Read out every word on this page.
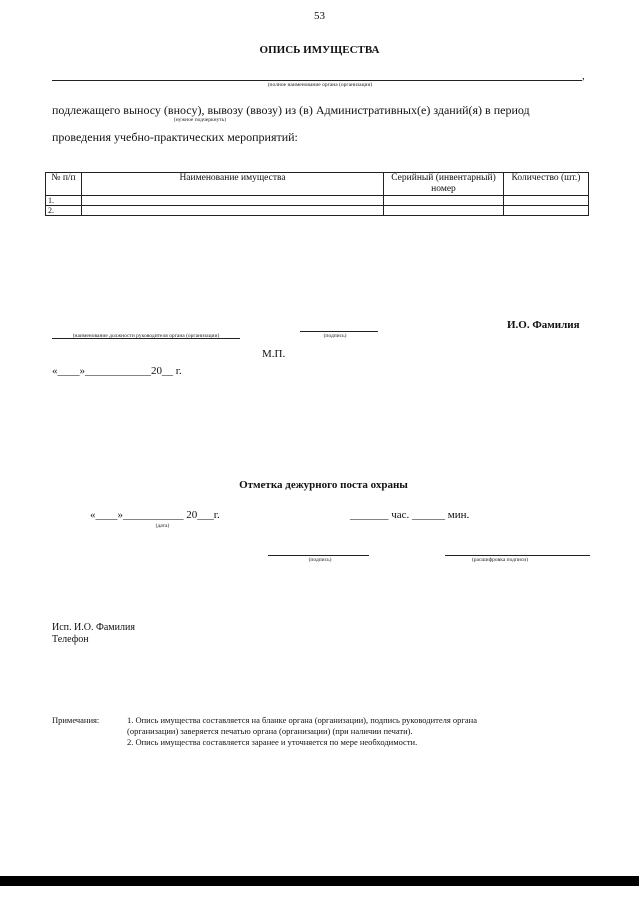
53
ОПИСЬ ИМУЩЕСТВА
,
(полное наименование органа (организации)
подлежащего выносу (вносу), вывозу (ввозу) из (в) Административных(е) зданий(я) в период
(нужное подчеркнуть)
проведения учебно-практических мероприятий:
№ п/п	Наименование имущества	Серийный (инвентарный) номер	Количество (шт.)
1.			
2.			
(наименование должности руководителя органа (организации)	(подпись)
И.О. Фамилия
М.П.
«____»____________20__ г.
Отметка дежурного поста охраны
«____»___________ 20___г.
(дата)
_______ час. ______ мин.
(подпись)	(расшифровка подписи)
Исп. И.О. Фамилия
Телефон
Примечания:	1. Опись имущества составляется на бланке органа (организации), подпись руководителя органа
(организации) заверяется печатью органа (организации) (при наличии печати).
2. Опись имущества составляется заранее и уточняется по мере необходимости.
